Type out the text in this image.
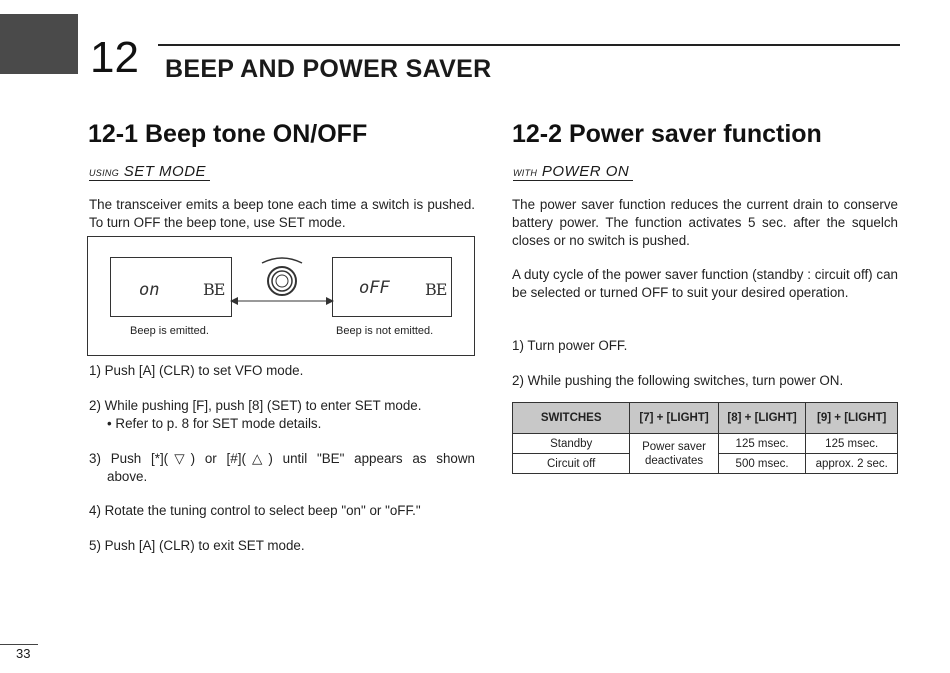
12 BEEP AND POWER SAVER
12-1 Beep tone ON/OFF
USING SET MODE
The transceiver emits a beep tone each time a switch is pushed. To turn OFF the beep tone, use SET mode.
on	BE	oFF BE
Beep is emitted.	Beep is not emitted.
1) Push [A] (CLR) to set VFO mode.
2) While pushing [F], push [8] (SET) to enter SET mode.
• Refer to p. 8 for SET mode details.
3) Push [*](▽) or [#](△) until "BE" appears as shown
above.
4) Rotate the tuning control to select beep "on" or "oFF."
5) Push [A] (CLR) to exit SET mode.
12-2 Power saver function
WITH POWER ON
The power saver function reduces the current drain to conserve battery power. The function activates 5 sec. after the squelch closes or no switch is pushed.
A duty cycle of the power saver function (standby : circuit off) can be selected or turned OFF to suit your desired operation.
1) Turn power OFF.
2) While pushing the following switches, turn power ON.
SWITCHES	[7] + [LIGHT]	[8] + [LIGHT]	[9] + [LIGHT]
Standby	Power saver deactivates	125 msec.	125 msec.
Circuit off		500 msec.	approx. 2 sec.
33
